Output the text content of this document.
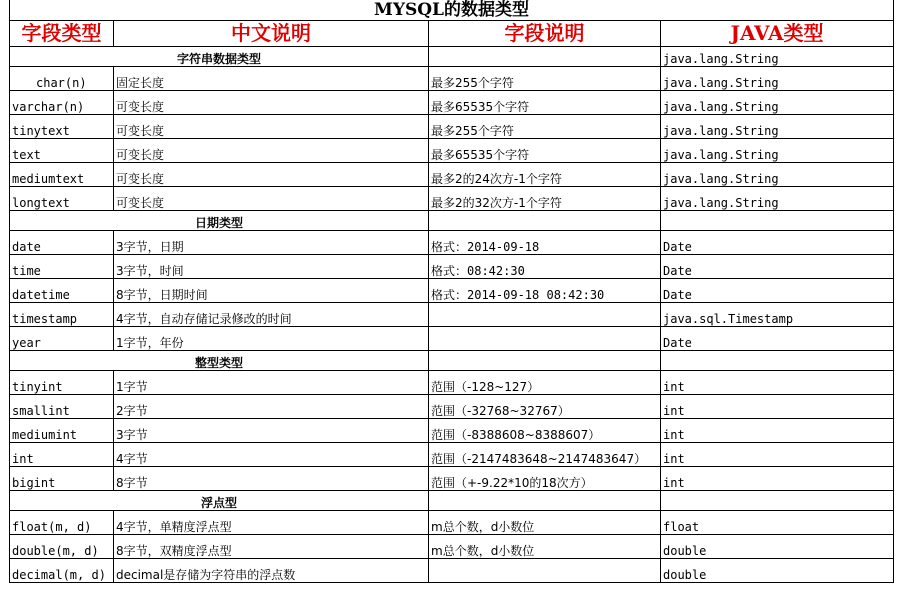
MYSQL的数据类型			
字段类型	中文说明	字段说明	JAVA类型
字符串数据类型			java.lang.String
char(n)	固定长度	最多255个字符	java.lang.String
varchar(n)	可变长度	最多65535个字符	java.lang.String
tinytext	可变长度	最多255个字符	java.lang.String
text	可变长度	最多65535个字符	java.lang.String
mediumtext	可变长度	最多2的24次方-1个字符	java.lang.String
longtext	可变长度	最多2的32次方-1个字符	java.lang.String
日期类型			
date	3字节，日期	格式：2014-09-18	Date
time	3字节，时间	格式：08:42:30	Date
datetime	8字节，日期时间	格式：2014-09-18 08:42:30	Date
timestamp	4字节，自动存储记录修改的时间		java.sql.Timestamp
year	1字节，年份		Date
整型类型			
tinyint	1字节	范围（-128~127）	int
smallint	2字节	范围（-32768~32767）	int
mediumint	3字节	范围（-8388608~8388607）	int
int	4字节	范围（-2147483648~2147483647）	int
bigint	8字节	范围（+-9.22*10的18次方）	int
浮点型			
float(m, d)	4字节，单精度浮点型	m总个数，d小数位	float
double(m, d)	8字节，双精度浮点型	m总个数，d小数位	double
decimal(m, d)	decimal是存储为字符串的浮点数		double
